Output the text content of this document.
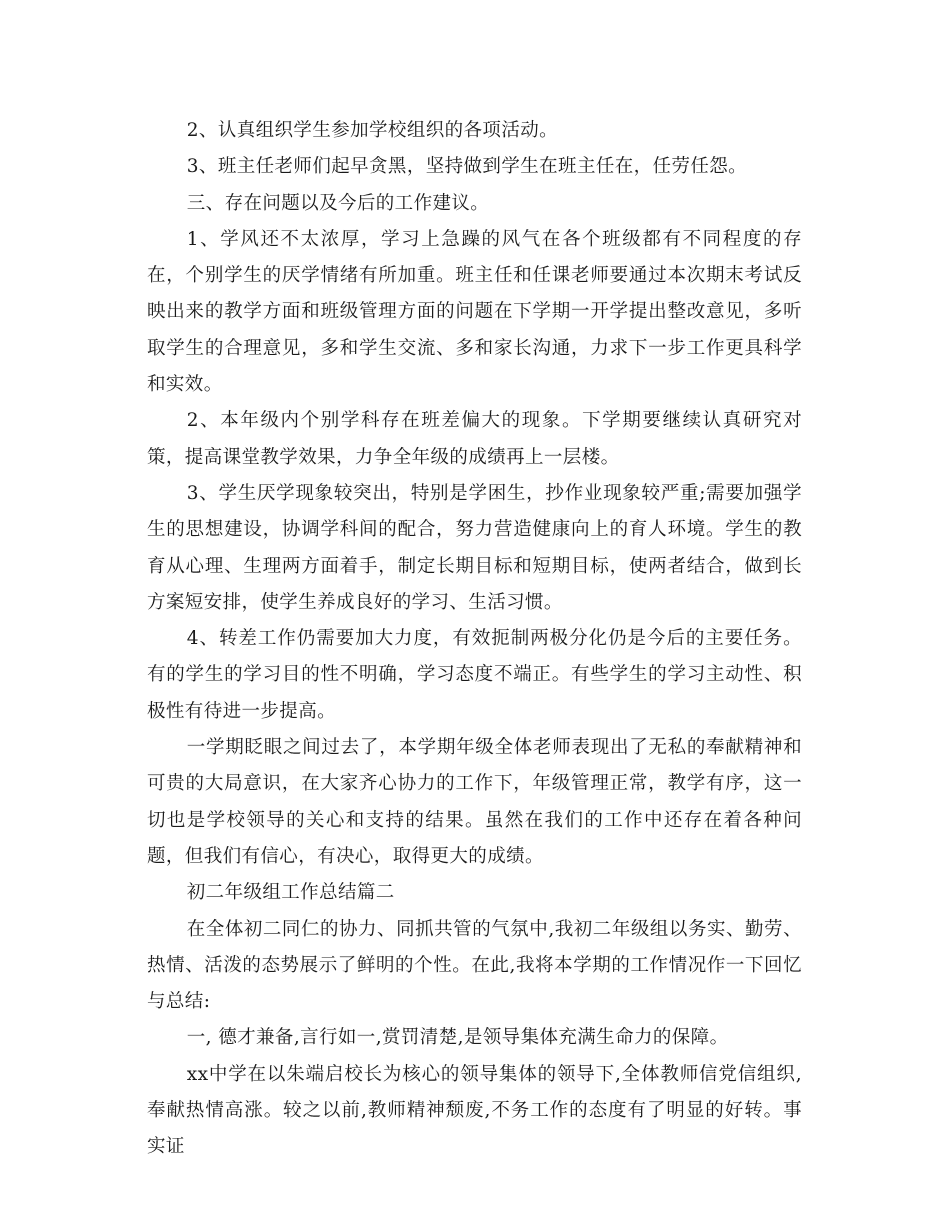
2、认真组织学生参加学校组织的各项活动。

3、班主任老师们起早贪黑，坚持做到学生在班主任在，任劳任怨。

三、存在问题以及今后的工作建议。

1、学风还不太浓厚，学习上急躁的风气在各个班级都有不同程度的存在，个别学生的厌学情绪有所加重。班主任和任课老师要通过本次期末考试反映出来的教学方面和班级管理方面的问题在下学期一开学提出整改意见，多听取学生的合理意见，多和学生交流、多和家长沟通，力求下一步工作更具科学和实效。

2、本年级内个别学科存在班差偏大的现象。下学期要继续认真研究对策，提高课堂教学效果，力争全年级的成绩再上一层楼。

3、学生厌学现象较突出，特别是学困生，抄作业现象较严重;需要加强学生的思想建设，协调学科间的配合，努力营造健康向上的育人环境。学生的教育从心理、生理两方面着手，制定长期目标和短期目标，使两者结合，做到长方案短安排，使学生养成良好的学习、生活习惯。

4、转差工作仍需要加大力度，有效扼制两极分化仍是今后的主要任务。有的学生的学习目的性不明确，学习态度不端正。有些学生的学习主动性、积极性有待进一步提高。

一学期眨眼之间过去了，本学期年级全体老师表现出了无私的奉献精神和可贵的大局意识，在大家齐心协力的工作下，年级管理正常，教学有序，这一切也是学校领导的关心和支持的结果。虽然在我们的工作中还存在着各种问题，但我们有信心，有决心，取得更大的成绩。

初二年级组工作总结篇二

在全体初二同仁的协力、同抓共管的气氛中,我初二年级组以务实、勤劳、热情、活泼的态势展示了鲜明的个性。在此,我将本学期的工作情况作一下回忆与总结:

一, 德才兼备,言行如一,赏罚清楚,是领导集体充满生命力的保障。

xx中学在以朱端启校长为核心的领导集体的领导下,全体教师信党信组织,奉献热情高涨。较之以前,教师精神颓废,不务工作的态度有了明显的好转。事实证
